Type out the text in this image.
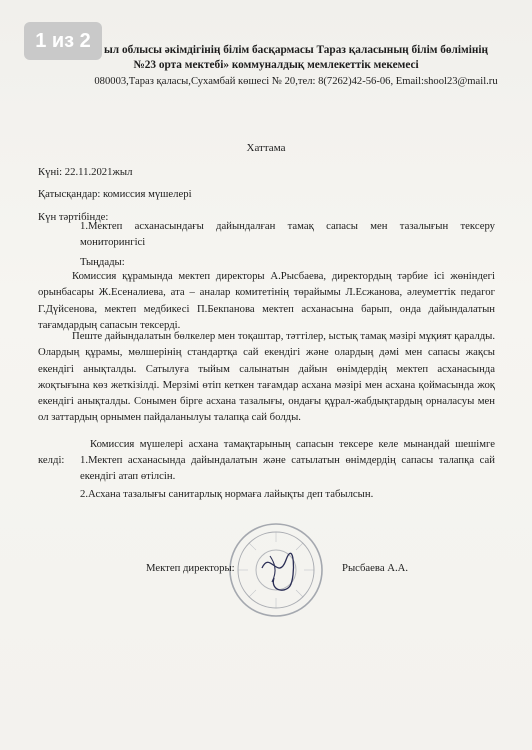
1 из 2	ыл облысы әкімдігінің білім басқармасы Тараз қаласының білім бөлімінің
№23 орта мектебі» коммуналдық мемлекеттік мекемесі
080003,Тараз қаласы,Сухамбай көшесі № 20,тел: 8(7262)42-56-06, Email:shool23@mail.ru
Хаттама
Күні: 22.11.2021жыл
Қатысқандар: комиссия мүшелері
Күн тәртібінде:
1.Мектеп асханасындағы дайындалған тамақ сапасы мен тазалығын тексеру мониторингісі
Тыңдады:
Комиссия құрамында мектеп директоры А.Рысбаева, директордың тәрбие ісі жөніндегі орынбасары Ж.Есеналиева, ата – аналар комитетінің төрайымы Л.Есжанова, әлеуметтік педагог Г.Дүйсенова, мектеп медбикесі П.Бекпанова мектеп асханасына барып, онда дайындалатын тағамдардың сапасын тексерді.
Пеште дайындалатын бөлкелер мен тоқаштар, тәттілер, ыстық тамақ мәзірі мұқият қаралды. Олардың құрамы, мөлшерінің стандартқа сай екендігі және олардың дәмі мен сапасы жақсы екендігі анықталды. Сатылуға тыйым салынатын дайын өнімдердің мектеп асханасында жоқтығына көз жеткізілді. Мерзімі өтіп кеткен тағамдар асхана мәзірі мен асхана қоймасында жоқ екендігі анықталды. Сонымен бірге асхана тазалығы, ондағы құрал-жабдықтардың орналасуы мен ол заттардың орнымен пайдаланылуы талапқа сай болды.
Комиссия мүшелері асхана тамақтарының сапасын тексере келе мынандай шешімге келді:	1.Мектеп асханасында дайындалатын және сатылатын өнімдердің сапасы талапқа сай екендігі атап өтілсін.
2.Асхана тазалығы санитарлық нормаға лайықты деп табылсын.
Мектеп директоры:	Рысбаева А.А.
